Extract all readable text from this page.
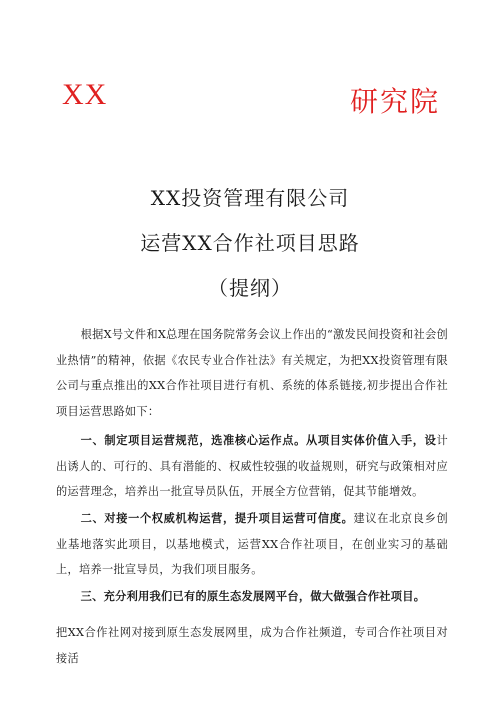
XX	研究院
XX投资管理有限公司
运营XX合作社项目思路
（提纲）
根据X号文件和X总理在国务院常务会议上作出的“激发民间投资和社会创业热情”的精神，依据《农民专业合作社法》有关规定，为把XX投资管理有限公司与重点推出的XX合作社项目进行有机、系统的体系链接,初步提出合作社项目运营思路如下：
一、制定项目运营规范，选准核心运作点。从项目实体价值入手，设计出诱人的、可行的、具有潜能的、权威性较强的收益规则，研究与政策相对应的运营理念，培养出一批宣导员队伍，开展全方位营销，促其节能增效。
二、对接一个权威机构运营，提升项目运营可信度。建议在北京良乡创业基地落实此项目，以基地模式，运营XX合作社项目，在创业实习的基础上，培养一批宣导员，为我们项目服务。
三、充分利用我们已有的原生态发展网平台，做大做强合作社项目。
把XX合作社网对接到原生态发展网里，成为合作社频道，专司合作社项目对接活
